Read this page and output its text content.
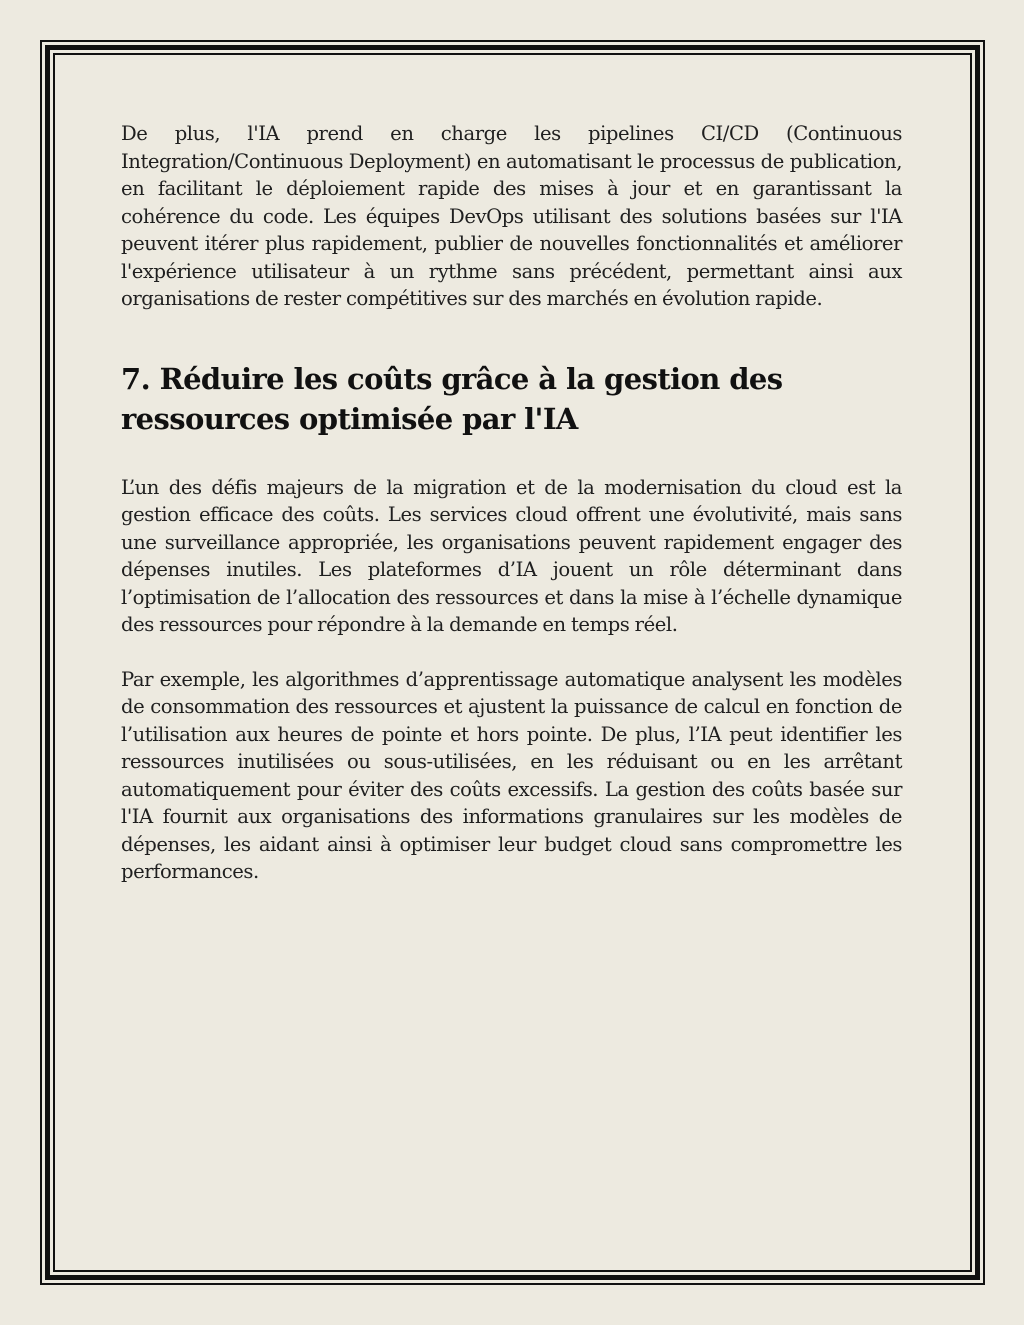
De plus, l'IA prend en charge les pipelines CI/CD (Continuous Integration/Continuous Deployment) en automatisant le processus de publication, en facilitant le déploiement rapide des mises à jour et en garantissant la cohérence du code. Les équipes DevOps utilisant des solutions basées sur l'IA peuvent itérer plus rapidement, publier de nouvelles fonctionnalités et améliorer l'expérience utilisateur à un rythme sans précédent, permettant ainsi aux organisations de rester compétitives sur des marchés en évolution rapide.

7. Réduire les coûts grâce à la gestion des ressources optimisée par l'IA

L’un des défis majeurs de la migration et de la modernisation du cloud est la gestion efficace des coûts. Les services cloud offrent une évolutivité, mais sans une surveillance appropriée, les organisations peuvent rapidement engager des dépenses inutiles. Les plateformes d’IA jouent un rôle déterminant dans l’optimisation de l’allocation des ressources et dans la mise à l’échelle dynamique des ressources pour répondre à la demande en temps réel.

Par exemple, les algorithmes d’apprentissage automatique analysent les modèles de consommation des ressources et ajustent la puissance de calcul en fonction de l’utilisation aux heures de pointe et hors pointe. De plus, l’IA peut identifier les ressources inutilisées ou sous-utilisées, en les réduisant ou en les arrêtant automatiquement pour éviter des coûts excessifs. La gestion des coûts basée sur l'IA fournit aux organisations des informations granulaires sur les modèles de dépenses, les aidant ainsi à optimiser leur budget cloud sans compromettre les performances.
